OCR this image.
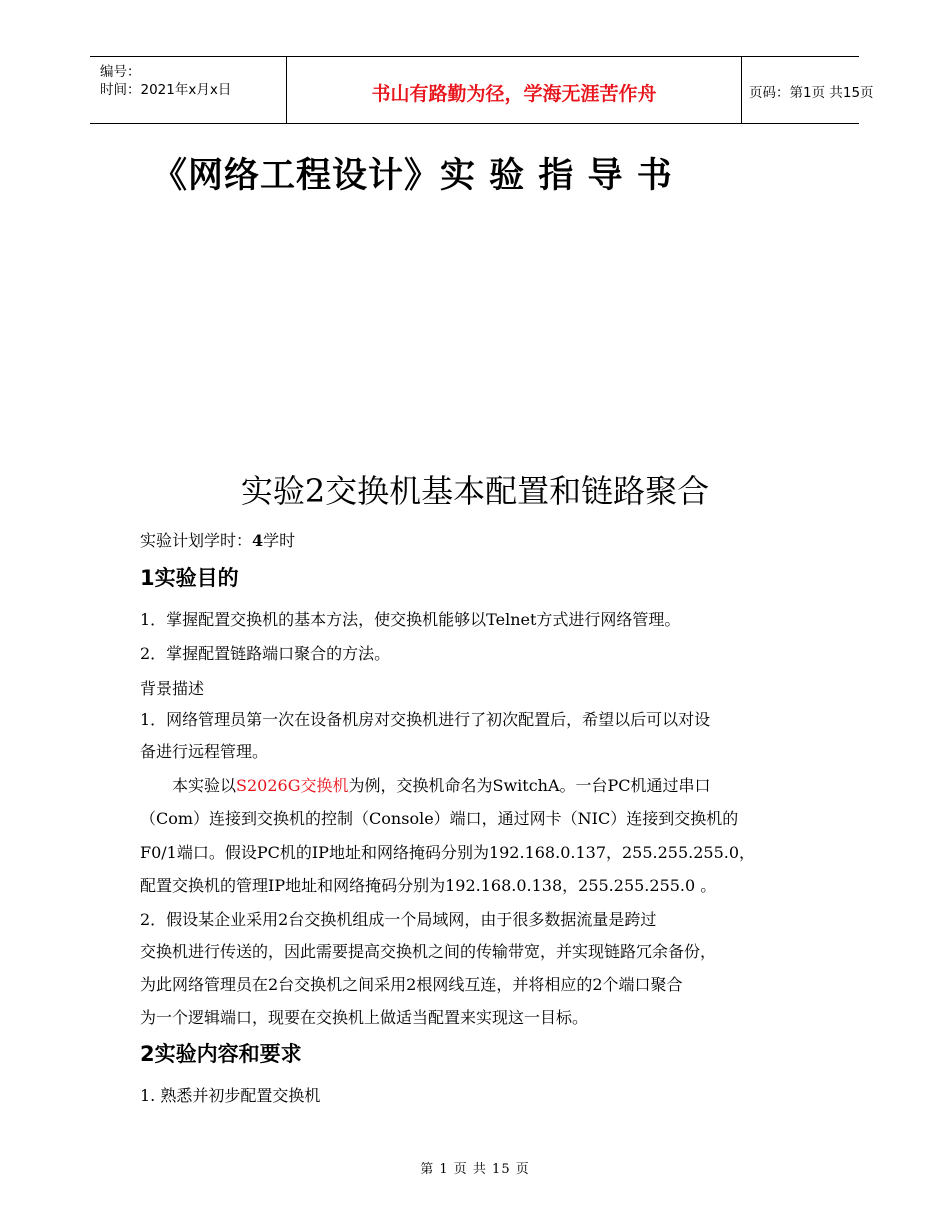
编号：
时间：2021年x月x日	书山有路勤为径，学海无涯苦作舟	页码：第1页 共15页
《网络工程设计》实 验 指 导 书
实验2交换机基本配置和链路聚合
实验计划学时：4学时
1实验目的
1．掌握配置交换机的基本方法，使交换机能够以Telnet方式进行网络管理。
2．掌握配置链路端口聚合的方法。
背景描述
1．网络管理员第一次在设备机房对交换机进行了初次配置后，希望以后可以对设
备进行远程管理。
本实验以S2026G交换机为例，交换机命名为SwitchA。一台PC机通过串口
（Com）连接到交换机的控制（Console）端口，通过网卡（NIC）连接到交换机的
F0/1端口。假设PC机的IP地址和网络掩码分别为192.168.0.137，255.255.255.0，
配置交换机的管理IP地址和网络掩码分别为192.168.0.138，255.255.255.0 。
2．假设某企业采用2台交换机组成一个局域网，由于很多数据流量是跨过
交换机进行传送的，因此需要提高交换机之间的传输带宽，并实现链路冗余备份，
为此网络管理员在2台交换机之间采用2根网线互连，并将相应的2个端口聚合
为一个逻辑端口，现要在交换机上做适当配置来实现这一目标。
2实验内容和要求
1. 熟悉并初步配置交换机
第 1 页 共 15 页
